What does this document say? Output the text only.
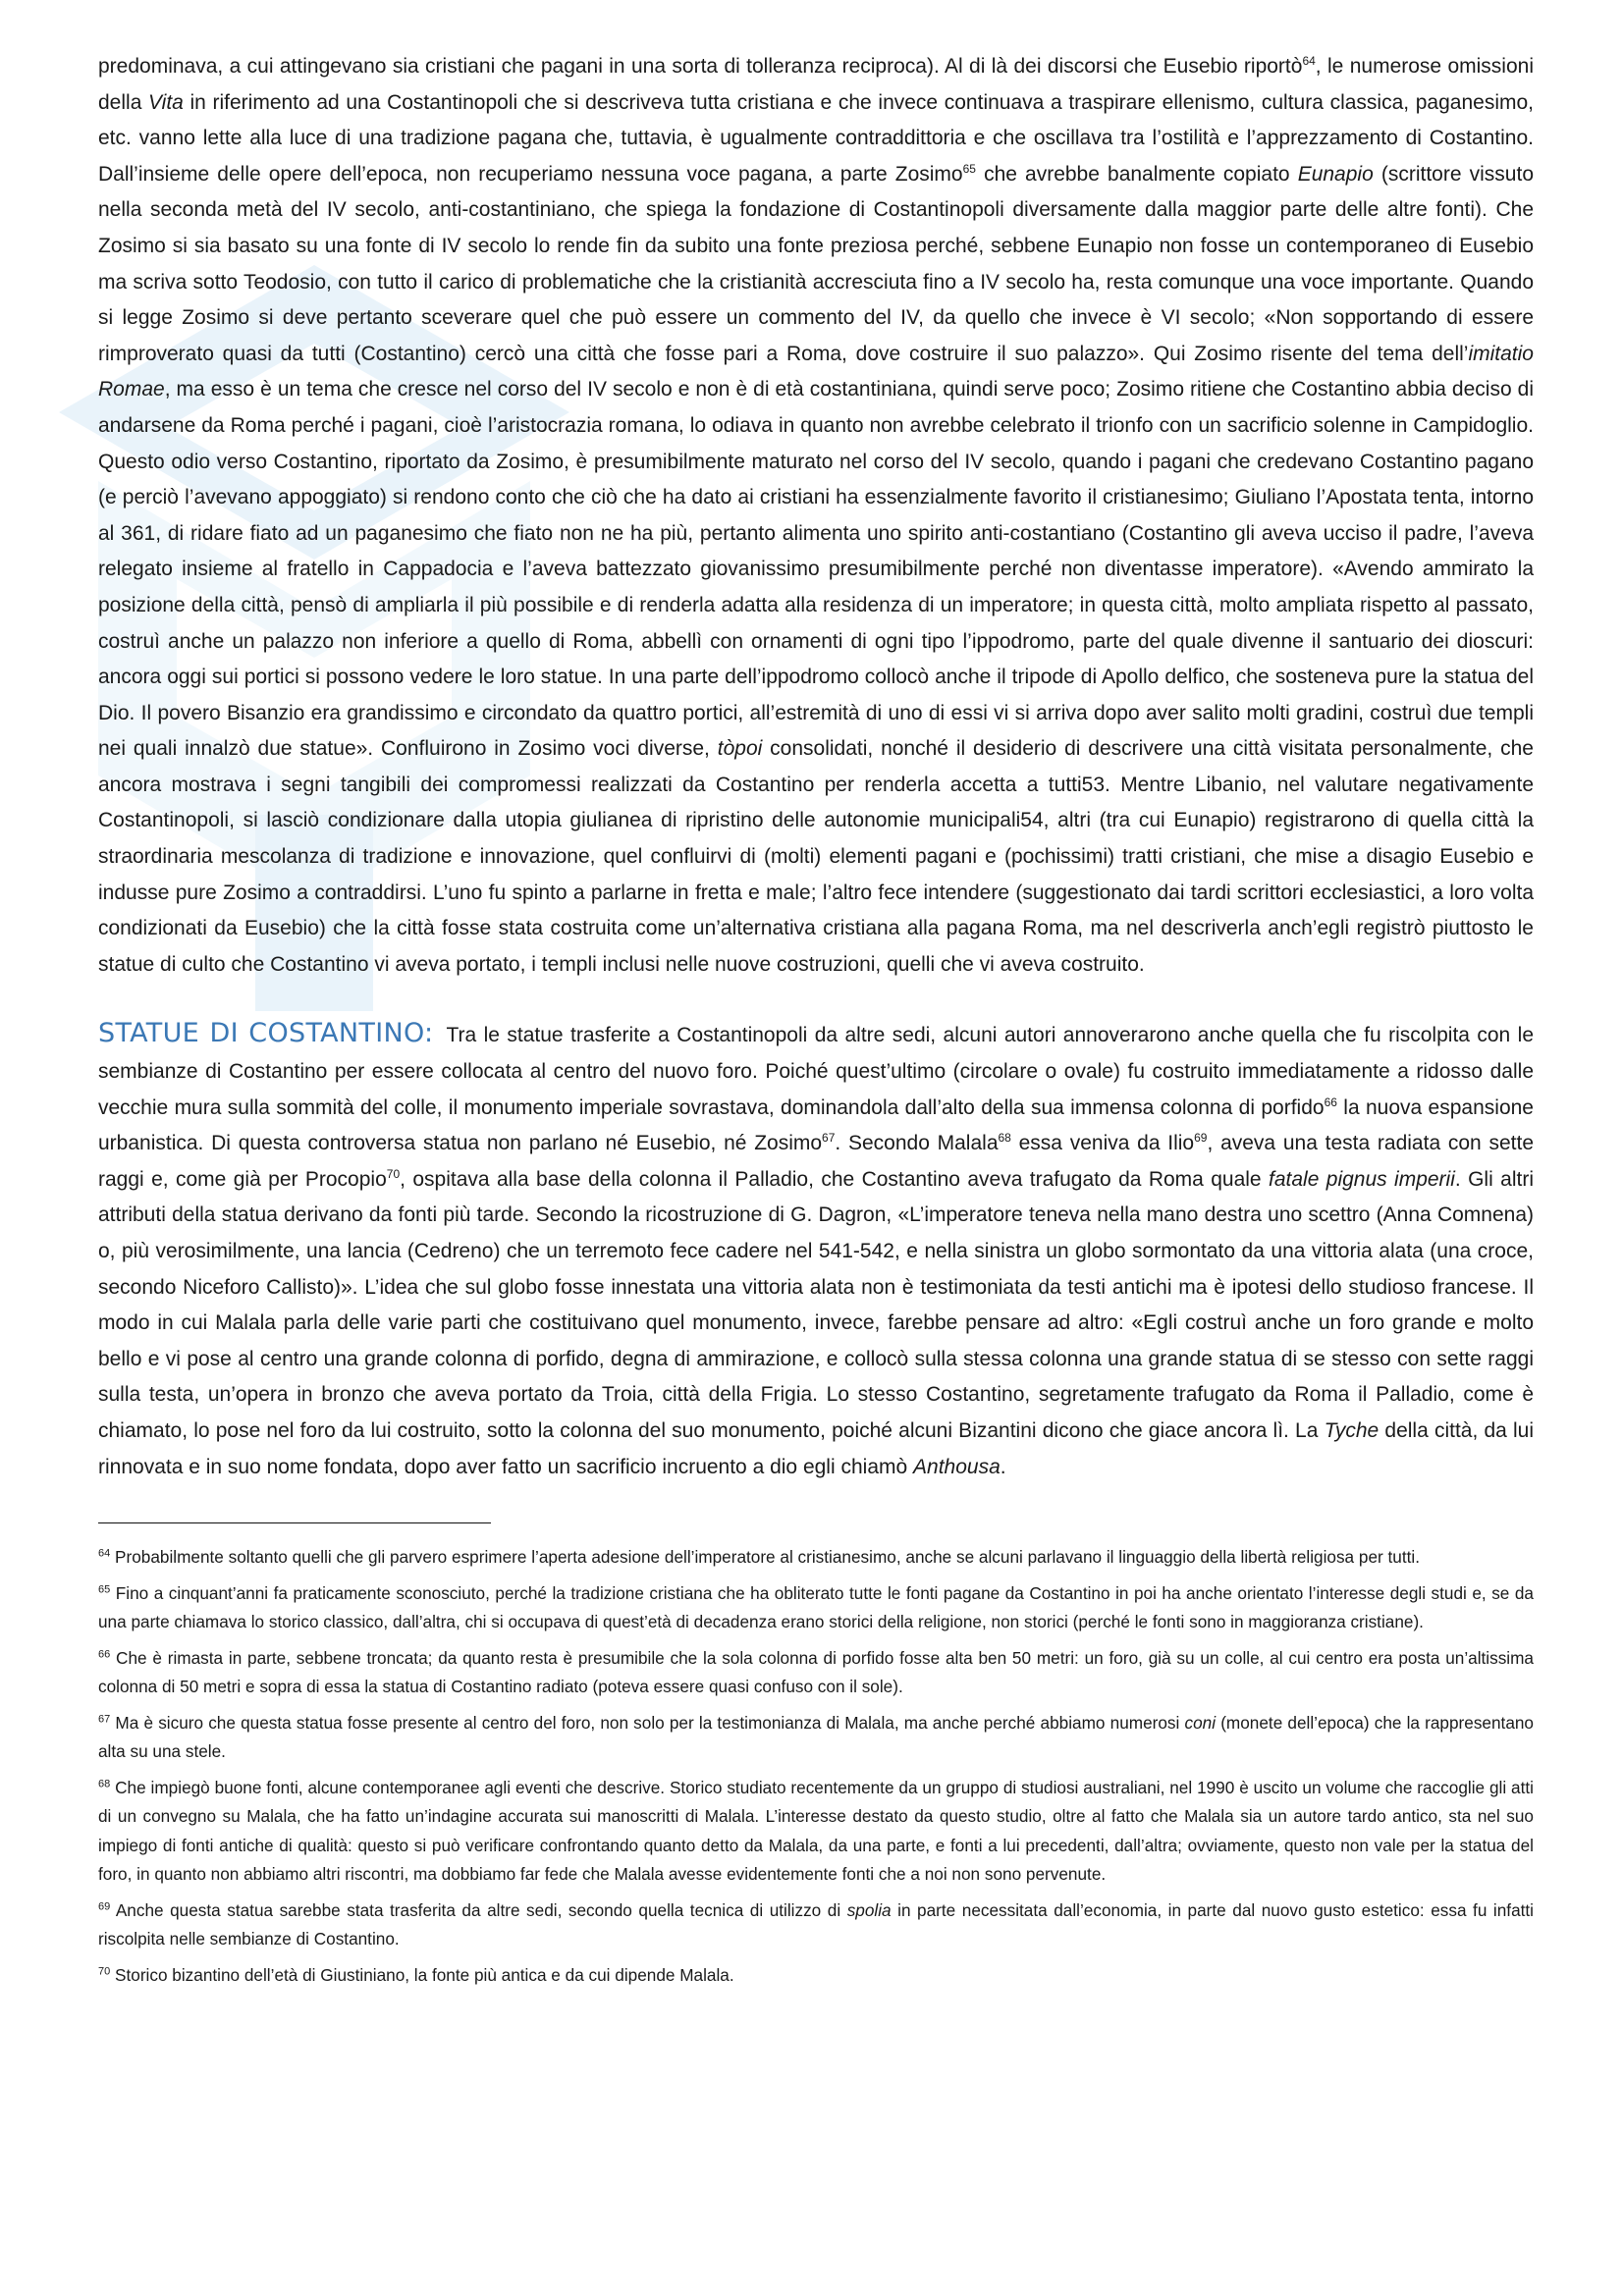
predominava, a cui attingevano sia cristiani che pagani in una sorta di tolleranza reciproca). Al di là dei discorsi che Eusebio riportò$^{64}$, le numerose omissioni della Vita in riferimento ad una Costantinopoli che si descriveva tutta cristiana e che invece continuava a traspirare ellenismo, cultura classica, paganesimo, etc. vanno lette alla luce di una tradizione pagana che, tuttavia, è ugualmente contraddittoria e che oscillava tra l’ostilità e l’apprezzamento di Costantino. Dall’insieme delle opere dell’epoca, non recuperiamo nessuna voce pagana, a parte Zosimo$^{65}$ che avrebbe banalmente copiato Eunapio (scrittore vissuto nella seconda metà del IV secolo, anti-costantiniano, che spiega la fondazione di Costantinopoli diversamente dalla maggior parte delle altre fonti). Che Zosimo si sia basato su una fonte di IV secolo lo rende fin da subito una fonte preziosa perché, sebbene Eunapio non fosse un contemporaneo di Eusebio ma scriva sotto Teodosio, con tutto il carico di problematiche che la cristianità accresciuta fino a IV secolo ha, resta comunque una voce importante. Quando si legge Zosimo si deve pertanto sceverare quel che può essere un commento del IV, da quello che invece è VI secolo; «Non sopportando di essere rimproverato quasi da tutti (Costantino) cercò una città che fosse pari a Roma, dove costruire il suo palazzo». Qui Zosimo risente del tema dell’imitatio Romae, ma esso è un tema che cresce nel corso del IV secolo e non è di età costantiniana, quindi serve poco; Zosimo ritiene che Costantino abbia deciso di andarsene da Roma perché i pagani, cioè l’aristocrazia romana, lo odiava in quanto non avrebbe celebrato il trionfo con un sacrificio solenne in Campidoglio. Questo odio verso Costantino, riportato da Zosimo, è presumibilmente maturato nel corso del IV secolo, quando i pagani che credevano Costantino pagano (e perciò l’avevano appoggiato) si rendono conto che ciò che ha dato ai cristiani ha essenzialmente favorito il cristianesimo; Giuliano l’Apostata tenta, intorno al 361, di ridare fiato ad un paganesimo che fiato non ne ha più, pertanto alimenta uno spirito anti-costantiano (Costantino gli aveva ucciso il padre, l’aveva relegato insieme al fratello in Cappadocia e l’aveva battezzato giovanissimo presumibilmente perché non diventasse imperatore). «Avendo ammirato la posizione della città, pensò di ampliarla il più possibile e di renderla adatta alla residenza di un imperatore; in questa città, molto ampliata rispetto al passato, costruì anche un palazzo non inferiore a quello di Roma, abbellì con ornamenti di ogni tipo l’ippodromo, parte del quale divenne il santuario dei dioscuri: ancora oggi sui portici si possono vedere le loro statue. In una parte dell’ippodromo collocò anche il tripode di Apollo delfico, che sosteneva pure la statua del Dio. Il povero Bisanzio era grandissimo e circondato da quattro portici, all’estremità di uno di essi vi si arriva dopo aver salito molti gradini, costruì due templi nei quali innalzò due statue». Confluirono in Zosimo voci diverse, tòpoi consolidati, nonché il desiderio di descrivere una città visitata personalmente, che ancora mostrava i segni tangibili dei compromessi realizzati da Costantino per renderla accetta a tutti53. Mentre Libanio, nel valutare negativamente Costantinopoli, si lasciò condizionare dalla utopia giulianea di ripristino delle autonomie municipali54, altri (tra cui Eunapio) registrarono di quella città la straordinaria mescolanza di tradizione e innovazione, quel confluirvi di (molti) elementi pagani e (pochissimi) tratti cristiani, che mise a disagio Eusebio e indusse pure Zosimo a contraddirsi. L’uno fu spinto a parlarne in fretta e male; l’altro fece intendere (suggestionato dai tardi scrittori ecclesiastici, a loro volta condizionati da Eusebio) che la città fosse stata costruita come un’alternativa cristiana alla pagana Roma, ma nel descriverla anch’egli registrò piuttosto le statue di culto che Costantino vi aveva portato, i templi inclusi nelle nuove costruzioni, quelli che vi aveva costruito.

STATUE DI COSTANTINO: Tra le statue trasferite a Costantinopoli da altre sedi, alcuni autori annoverarono anche quella che fu riscolpita con le sembianze di Costantino per essere collocata al centro del nuovo foro. Poiché quest’ultimo (circolare o ovale) fu costruito immediatamente a ridosso dalle vecchie mura sulla sommità del colle, il monumento imperiale sovrastava, dominandola dall’alto della sua immensa colonna di porfido$^{66}$ la nuova espansione urbanistica. Di questa controversa statua non parlano né Eusebio, né Zosimo$^{67}$. Secondo Malala$^{68}$ essa veniva da Ilio$^{69}$, aveva una testa radiata con sette raggi e, come già per Procopio$^{70}$, ospitava alla base della colonna il Palladio, che Costantino aveva trafugato da Roma quale fatale pignus imperii. Gli altri attributi della statua derivano da fonti più tarde. Secondo la ricostruzione di G. Dagron, «L’imperatore teneva nella mano destra uno scettro (Anna Comnena) o, più verosimilmente, una lancia (Cedreno) che un terremoto fece cadere nel 541-542, e nella sinistra un globo sormontato da una vittoria alata (una croce, secondo Niceforo Callisto)». L’idea che sul globo fosse innestata una vittoria alata non è testimoniata da testi antichi ma è ipotesi dello studioso francese. Il modo in cui Malala parla delle varie parti che costituivano quel monumento, invece, farebbe pensare ad altro: «Egli costruì anche un foro grande e molto bello e vi pose al centro una grande colonna di porfido, degna di ammirazione, e collocò sulla stessa colonna una grande statua di se stesso con sette raggi sulla testa, un’opera in bronzo che aveva portato da Troia, città della Frigia. Lo stesso Costantino, segretamente trafugato da Roma il Palladio, come è chiamato, lo pose nel foro da lui costruito, sotto la colonna del suo monumento, poiché alcuni Bizantini dicono che giace ancora lì. La Tyche della città, da lui rinnovata e in suo nome fondata, dopo aver fatto un sacrificio incruento a dio egli chiamò Anthousa.

$^{64}$ Probabilmente soltanto quelli che gli parvero esprimere l’aperta adesione dell’imperatore al cristianesimo, anche se alcuni parlavano il linguaggio della libertà religiosa per tutti.

$^{65}$ Fino a cinquant’anni fa praticamente sconosciuto, perché la tradizione cristiana che ha obliterato tutte le fonti pagane da Costantino in poi ha anche orientato l’interesse degli studi e, se da una parte chiamava lo storico classico, dall’altra, chi si occupava di quest’età di decadenza erano storici della religione, non storici (perché le fonti sono in maggioranza cristiane).

$^{66}$ Che è rimasta in parte, sebbene troncata; da quanto resta è presumibile che la sola colonna di porfido fosse alta ben 50 metri: un foro, già su un colle, al cui centro era posta un’altissima colonna di 50 metri e sopra di essa la statua di Costantino radiato (poteva essere quasi confuso con il sole).

$^{67}$ Ma è sicuro che questa statua fosse presente al centro del foro, non solo per la testimonianza di Malala, ma anche perché abbiamo numerosi coni (monete dell’epoca) che la rappresentano alta su una stele.

$^{68}$ Che impiegò buone fonti, alcune contemporanee agli eventi che descrive. Storico studiato recentemente da un gruppo di studiosi australiani, nel 1990 è uscito un volume che raccoglie gli atti di un convegno su Malala, che ha fatto un’indagine accurata sui manoscritti di Malala. L’interesse destato da questo studio, oltre al fatto che Malala sia un autore tardo antico, sta nel suo impiego di fonti antiche di qualità: questo si può verificare confrontando quanto detto da Malala, da una parte, e fonti a lui precedenti, dall’altra; ovviamente, questo non vale per la statua del foro, in quanto non abbiamo altri riscontri, ma dobbiamo far fede che Malala avesse evidentemente fonti che a noi non sono pervenute.

$^{69}$ Anche questa statua sarebbe stata trasferita da altre sedi, secondo quella tecnica di utilizzo di spolia in parte necessitata dall’economia, in parte dal nuovo gusto estetico: essa fu infatti riscolpita nelle sembianze di Costantino.

$^{70}$ Storico bizantino dell’età di Giustiniano, la fonte più antica e da cui dipende Malala.
